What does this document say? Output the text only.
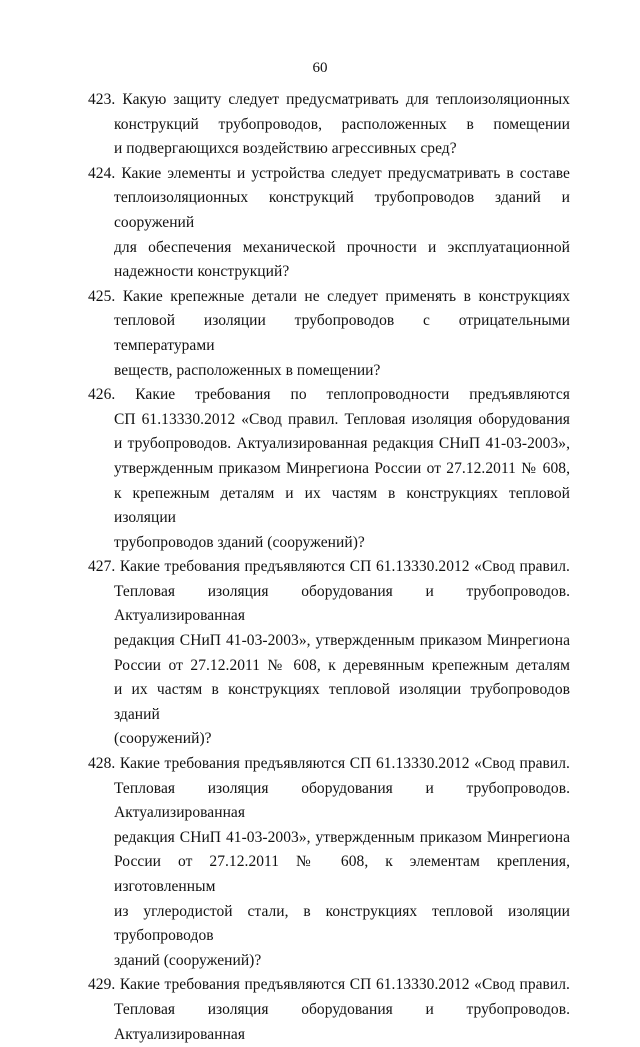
60
423. Какую защиту следует предусматривать для теплоизоляционных
конструкций трубопроводов, расположенных в помещении
и подвергающихся воздействию агрессивных сред?
424. Какие элементы и устройства следует предусматривать в составе
теплоизоляционных конструкций трубопроводов зданий и сооружений
для обеспечения механической прочности и эксплуатационной
надежности конструкций?
425. Какие крепежные детали не следует применять в конструкциях
тепловой изоляции трубопроводов с отрицательными температурами
веществ, расположенных в помещении?
426. Какие требования по теплопроводности предъявляются
СП 61.13330.2012 «Свод правил. Тепловая изоляция оборудования
и трубопроводов. Актуализированная редакция СНиП 41-03-2003»,
утвержденным приказом Минрегиона России от 27.12.2011 № 608,
к крепежным деталям и их частям в конструкциях тепловой изоляции
трубопроводов зданий (сооружений)?
427. Какие требования предъявляются СП 61.13330.2012 «Свод правил.
Тепловая изоляция оборудования и трубопроводов. Актуализированная
редакция СНиП 41-03-2003», утвержденным приказом Минрегиона
России от 27.12.2011 № 608, к деревянным крепежным деталям
и их частям в конструкциях тепловой изоляции трубопроводов зданий
(сооружений)?
428. Какие требования предъявляются СП 61.13330.2012 «Свод правил.
Тепловая изоляция оборудования и трубопроводов. Актуализированная
редакция СНиП 41-03-2003», утвержденным приказом Минрегиона
России от 27.12.2011 № 608, к элементам крепления, изготовленным
из углеродистой стали, в конструкциях тепловой изоляции трубопроводов
зданий (сооружений)?
429. Какие требования предъявляются СП 61.13330.2012 «Свод правил.
Тепловая изоляция оборудования и трубопроводов. Актуализированная
